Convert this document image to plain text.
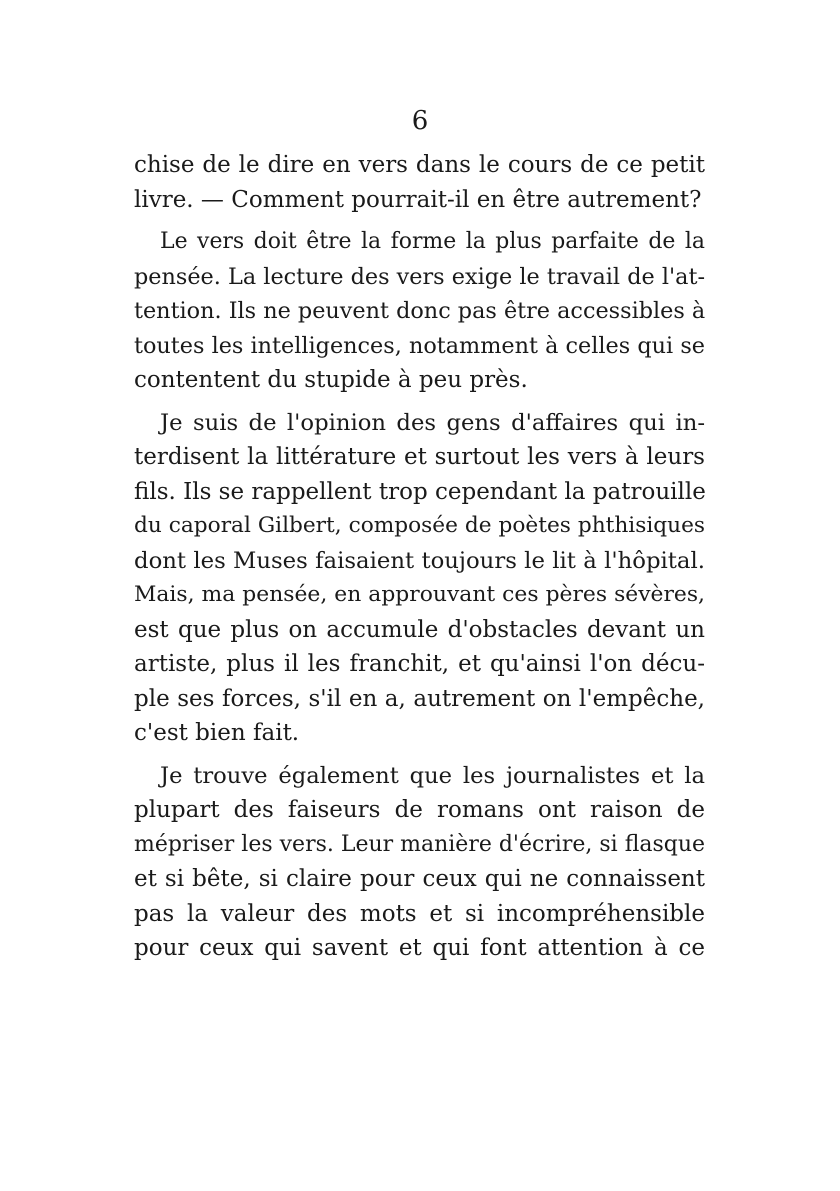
6
chise de le dire en vers dans le cours de ce petit
livre. — Comment pourrait-il en être autrement?
Le vers doit être la forme la plus parfaite de la
pensée. La lecture des vers exige le travail de l'at-
tention. Ils ne peuvent donc pas être accessibles à
toutes les intelligences, notamment à celles qui se
contentent du stupide à peu près.
Je suis de l'opinion des gens d'affaires qui in-
terdisent la littérature et surtout les vers à leurs
fils. Ils se rappellent trop cependant la patrouille
du caporal Gilbert, composée de poètes phthisiques
dont les Muses faisaient toujours le lit à l'hôpital.
Mais, ma pensée, en approuvant ces pères sévères,
est que plus on accumule d'obstacles devant un
artiste, plus il les franchit, et qu'ainsi l'on décu-
ple ses forces, s'il en a, autrement on l'empêche,
c'est bien fait.
Je trouve également que les journalistes et la
plupart des faiseurs de romans ont raison de
mépriser les vers. Leur manière d'écrire, si flasque
et si bête, si claire pour ceux qui ne connaissent
pas la valeur des mots et si incompréhensible
pour ceux qui savent et qui font attention à ce
